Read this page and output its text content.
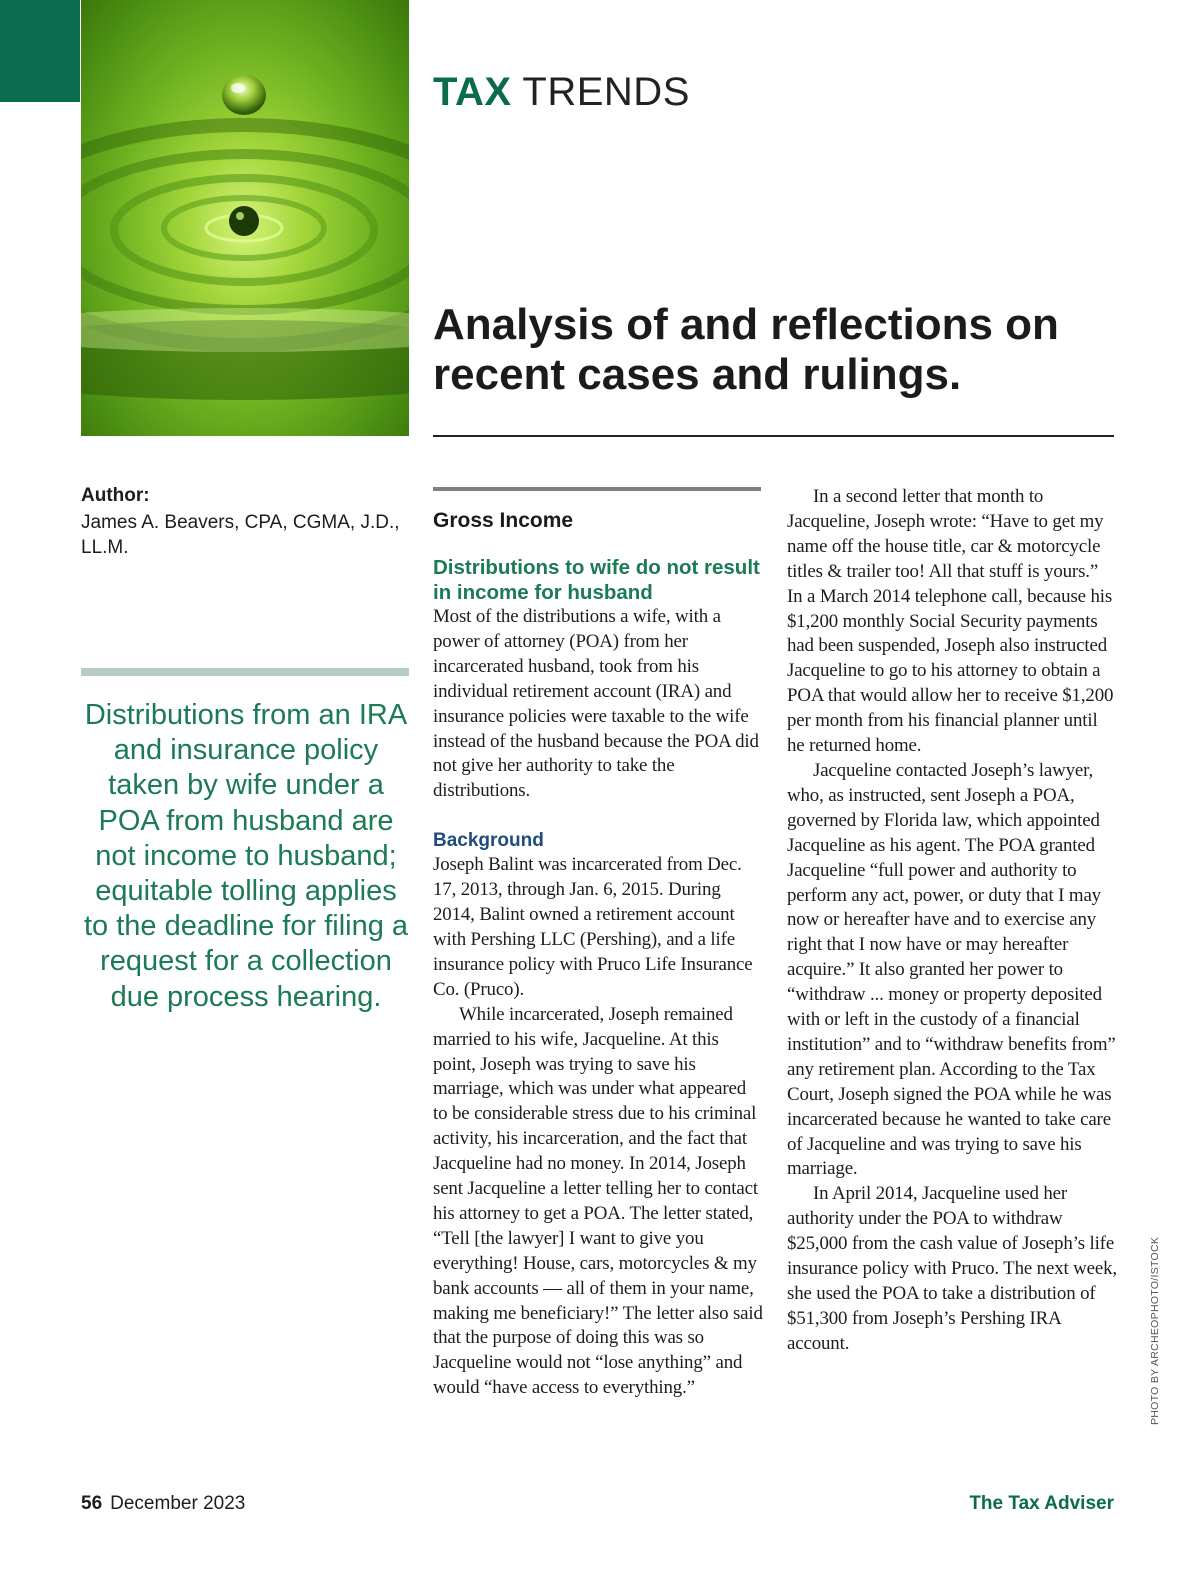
TAX TRENDS
Analysis of and reflections on recent cases and rulings.
Author:
James A. Beavers, CPA, CGMA, J.D., LL.M.
Distributions from an IRA and insurance policy taken by wife under a POA from husband are not income to husband; equitable tolling applies to the deadline for filing a request for a collection due process hearing.
Gross Income
Distributions to wife do not result in income for husband

Most of the distributions a wife, with a power of attorney (POA) from her incarcerated husband, took from his individual retirement account (IRA) and insurance policies were taxable to the wife instead of the husband because the POA did not give her authority to take the distributions.

Background

Joseph Balint was incarcerated from Dec. 17, 2013, through Jan. 6, 2015. During 2014, Balint owned a retirement account with Pershing LLC (Pershing), and a life insurance policy with Pruco Life Insurance Co. (Pruco).

While incarcerated, Joseph remained married to his wife, Jacqueline. At this point, Joseph was trying to save his marriage, which was under what appeared to be considerable stress due to his criminal activity, his incarceration, and the fact that Jacqueline had no money. In 2014, Joseph sent Jacqueline a letter telling her to contact his attorney to get a POA. The letter stated, “Tell [the lawyer] I want to give you everything! House, cars, motorcycles & my bank accounts — all of them in your name, making me beneficiary!” The letter also said that the purpose of doing this was so Jacqueline would not “lose anything” and would “have access to everything.”

In a second letter that month to Jacqueline, Joseph wrote: “Have to get my name off the house title, car & motorcycle titles & trailer too! All that stuff is yours.” In a March 2014 telephone call, because his $1,200 monthly Social Security payments had been suspended, Joseph also instructed Jacqueline to go to his attorney to obtain a POA that would allow her to receive $1,200 per month from his financial planner until he returned home.

Jacqueline contacted Joseph’s lawyer, who, as instructed, sent Joseph a POA, governed by Florida law, which appointed Jacqueline as his agent. The POA granted Jacqueline “full power and authority to perform any act, power, or duty that I may now or hereafter have and to exercise any right that I now have or may hereafter acquire.” It also granted her power to “withdraw ... money or property deposited with or left in the custody of a financial institution” and to “withdraw benefits from” any retirement plan. According to the Tax Court, Joseph signed the POA while he was incarcerated because he wanted to take care of Jacqueline and was trying to save his marriage.

In April 2014, Jacqueline used her authority under the POA to withdraw $25,000 from the cash value of Joseph’s life insurance policy with Pruco. The next week, she used the POA to take a distribution of $51,300 from Joseph’s Pershing IRA account.	PHOTO BY ARCHEOPHOTO/ISTOCK
56 December 2023	The Tax Adviser
